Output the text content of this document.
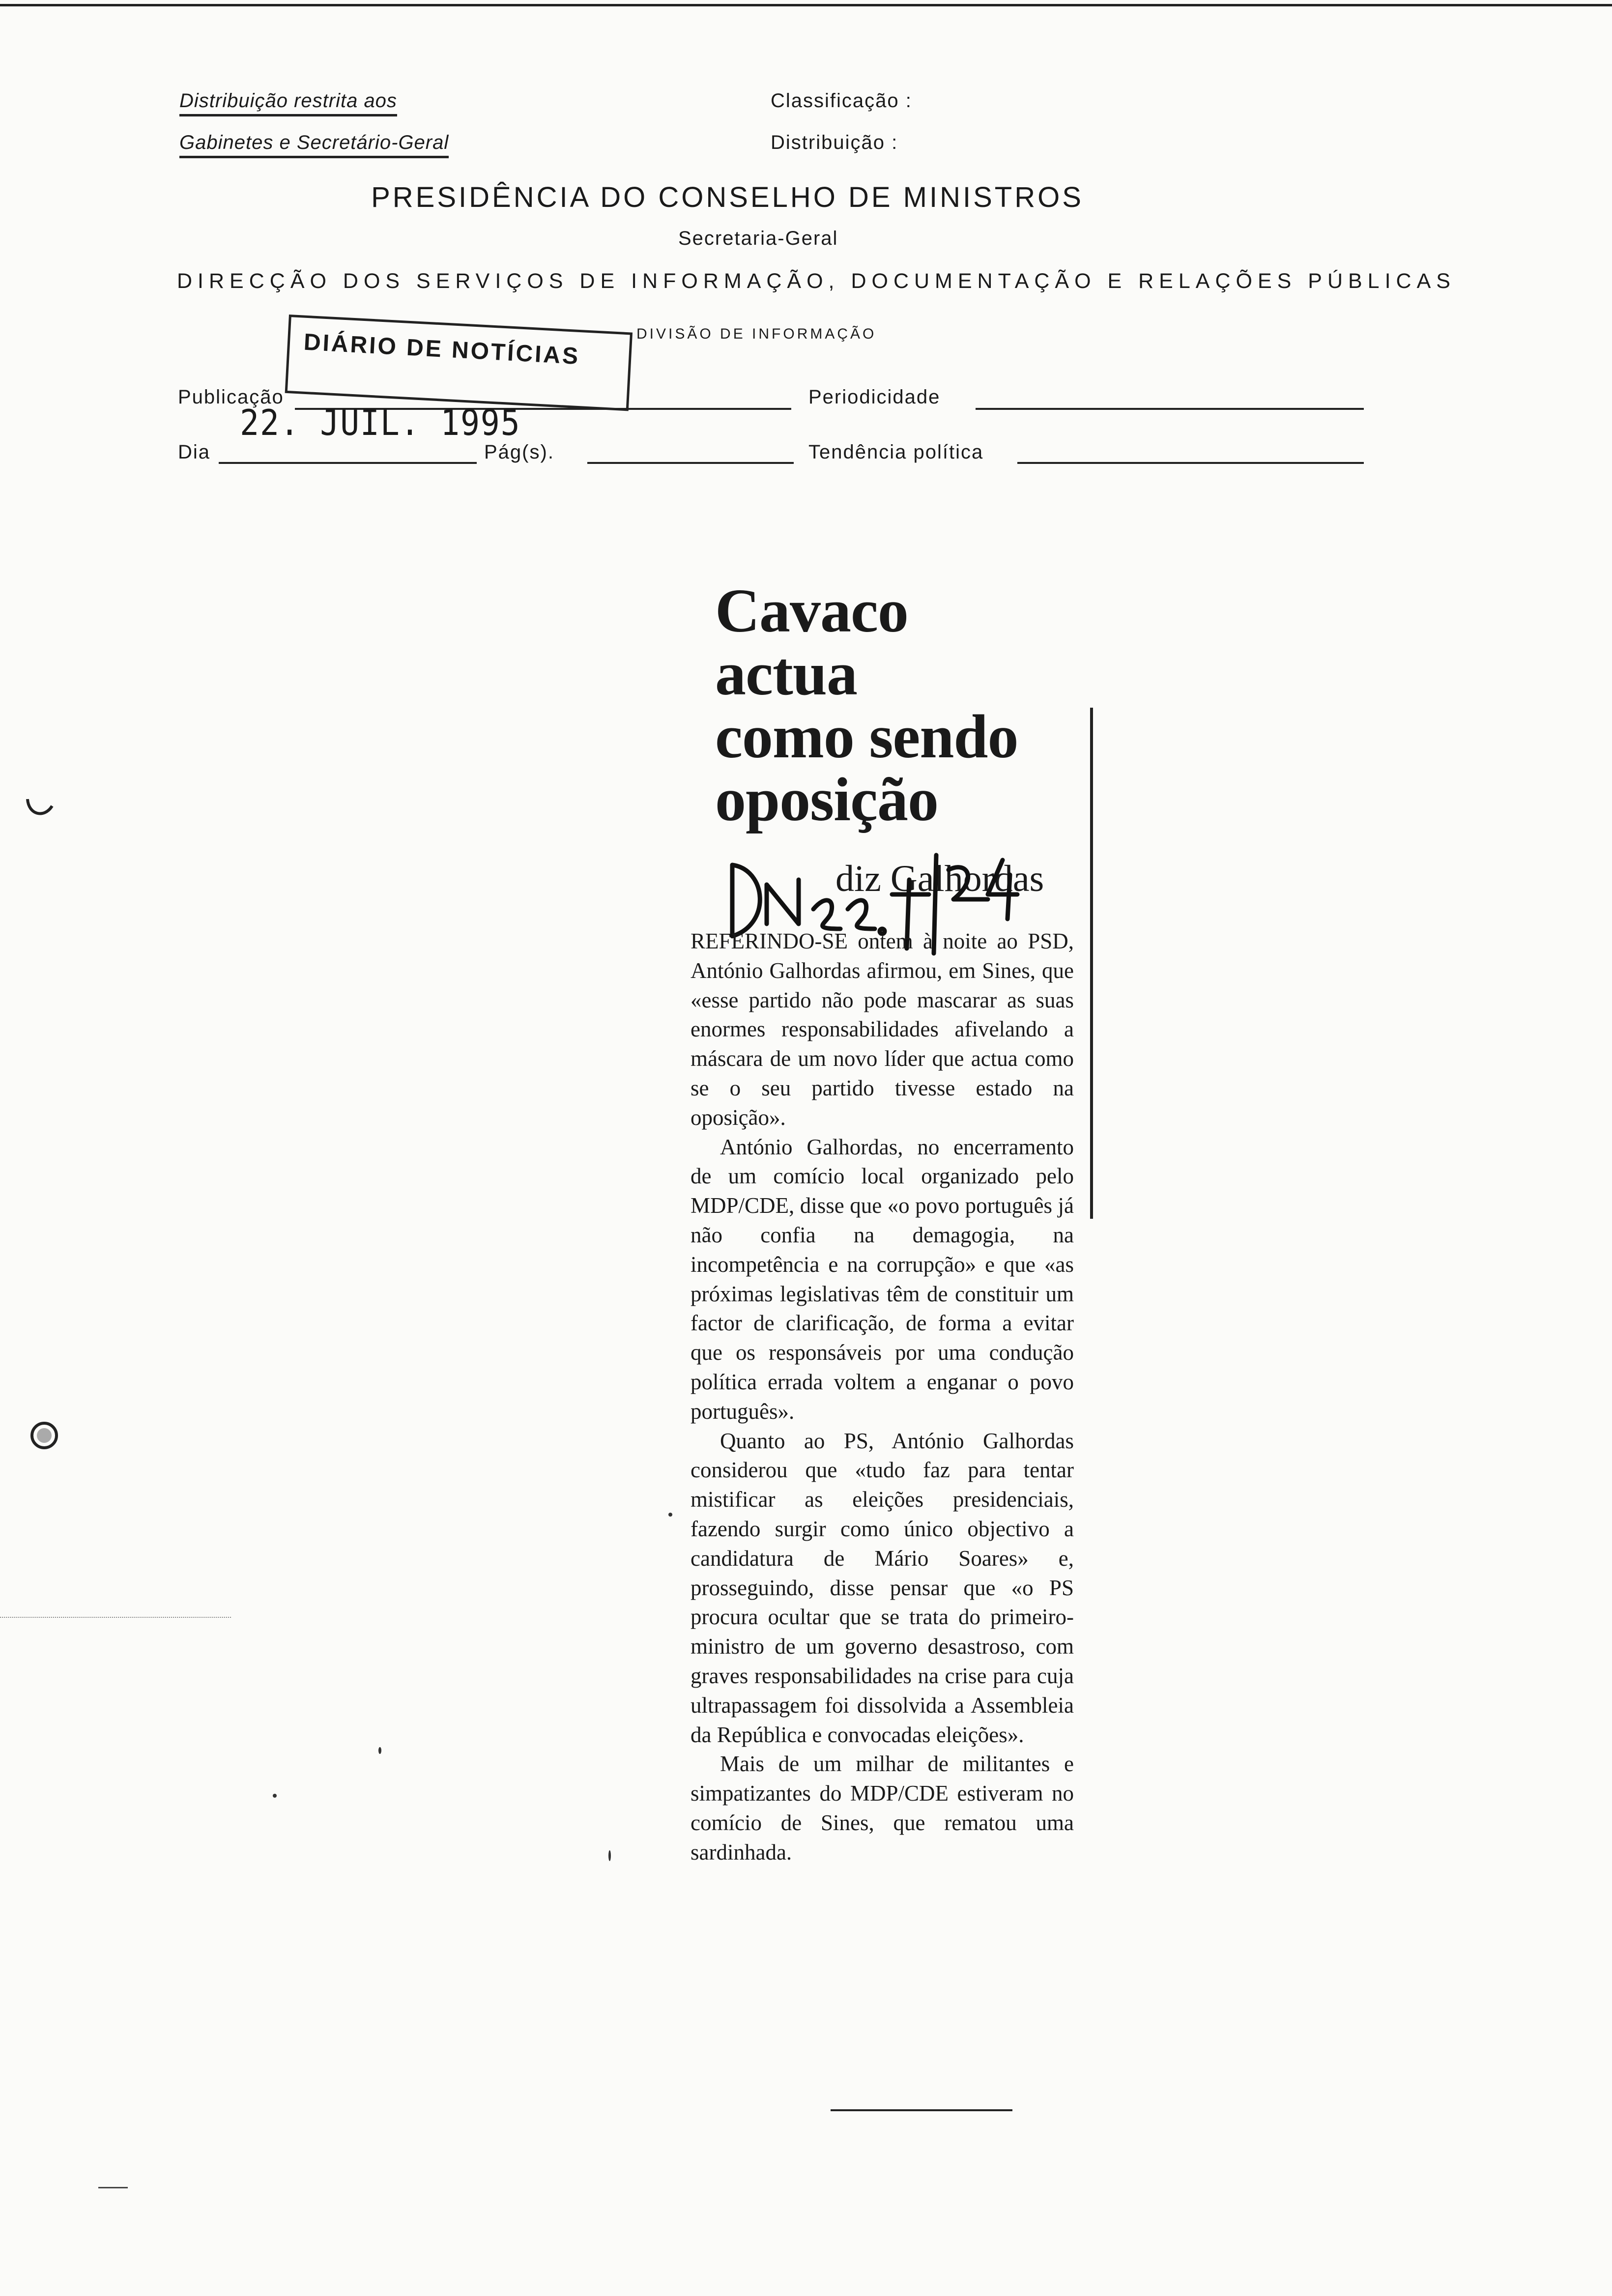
Distribuição restrita aos
Gabinetes e Secretário-Geral
Classificação :
Distribuição :
PRESIDÊNCIA DO CONSELHO DE MINISTROS
Secretaria-Geral
DIRECÇÃO DOS SERVIÇOS DE INFORMAÇÃO, DOCUMENTAÇÃO E RELAÇÕES PÚBLICAS
DIVISÃO DE INFORMAÇÃO
DIÁRIO DE NOTÍCIAS
Publicação	Periodicidade
22. JUIL. 1995
Dia	Pág(s).	Tendência política
Cavaco
actua
como sendo
oposição
diz Galhordas

REFERINDO-SE ontem à noite ao PSD, António Galhordas afirmou, em Sines, que «esse partido não pode mascarar as suas enormes responsabilidades afivelando a máscara de um novo líder que actua como se o seu partido tivesse estado na oposição».

António Galhordas, no encerramento de um comício local organizado pelo MDP/CDE, disse que «o povo português já não confia na demagogia, na incompetência e na corrupção» e que «as próximas legislativas têm de constituir um factor de clarificação, de forma a evitar que os responsáveis por uma condução política errada voltem a enganar o povo português».

Quanto ao PS, António Galhordas considerou que «tudo faz para tentar mistificar as eleições presidenciais, fazendo surgir como único objectivo a candidatura de Mário Soares» e, prosseguindo, disse pensar que «o PS procura ocultar que se trata do primeiro-ministro de um governo desastroso, com graves responsabilidades na crise para cuja ultrapassagem foi dissolvida a Assembleia da República e convocadas eleições».

Mais de um milhar de militantes e simpatizantes do MDP/CDE estiveram no comício de Sines, que rematou uma sardinhada.
